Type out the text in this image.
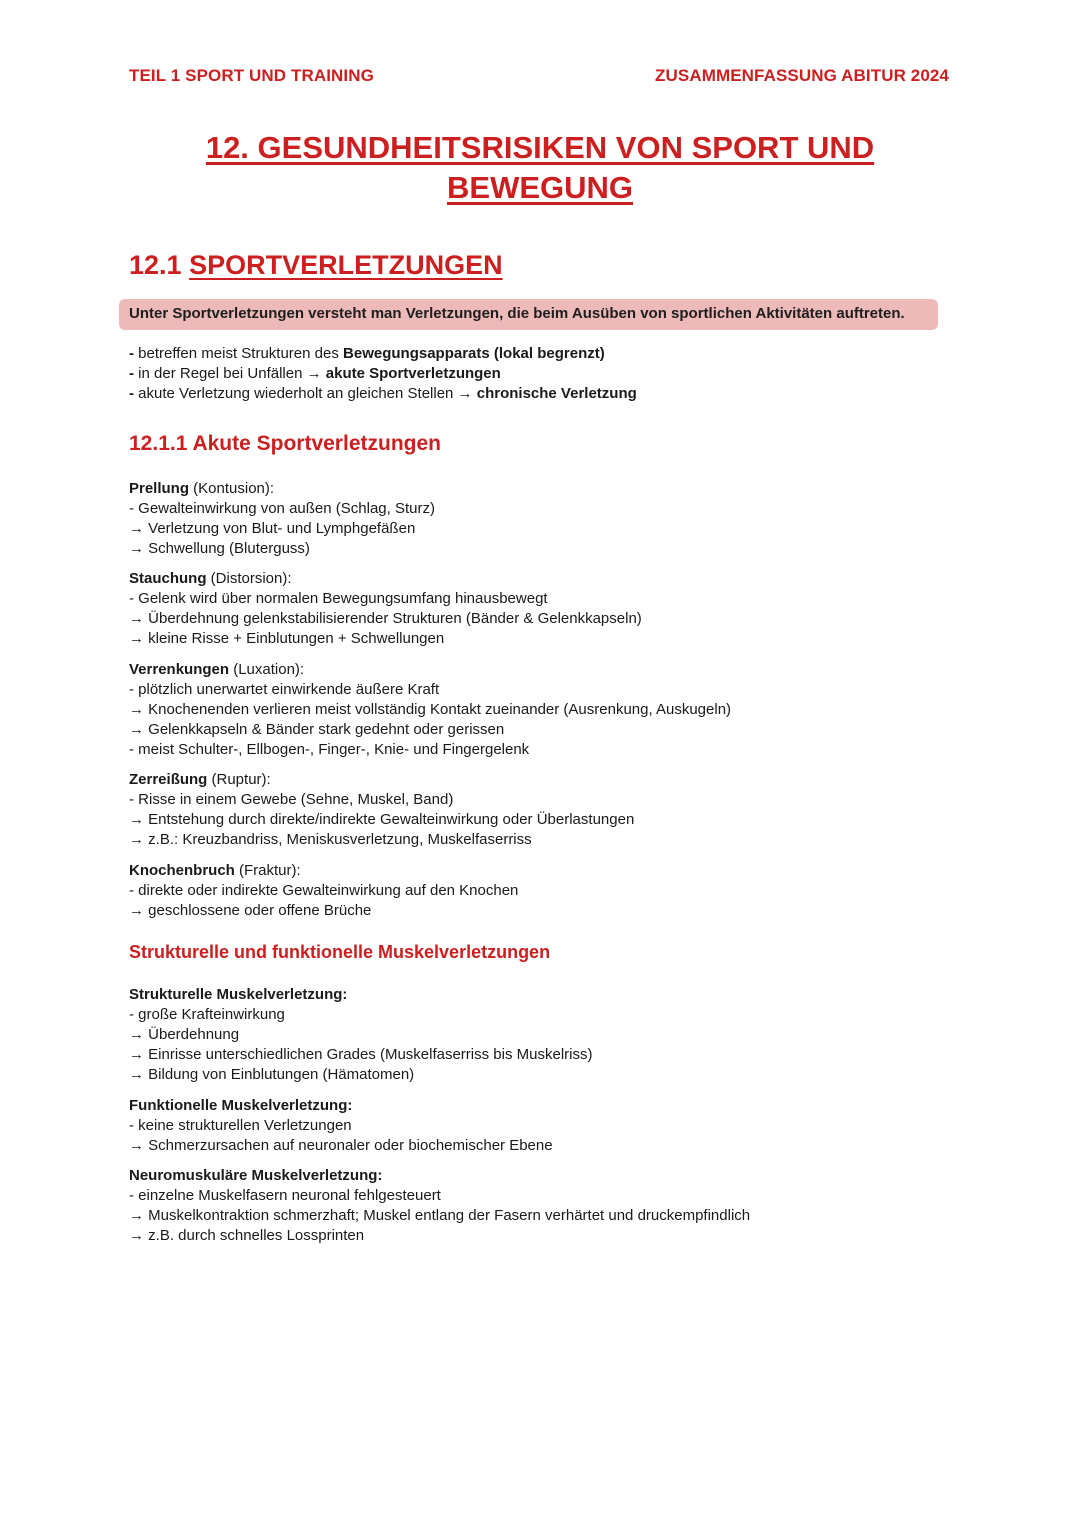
TEIL 1 SPORT UND TRAINING	ZUSAMMENFASSUNG ABITUR 2024
12. GESUNDHEITSRISIKEN VON SPORT UND
BEWEGUNG
12.1 SPORTVERLETZUNGEN
Unter Sportverletzungen versteht man Verletzungen, die beim Ausüben von sportlichen Aktivitäten auftreten.
- betreffen meist Strukturen des Bewegungsapparats (lokal begrenzt)
- in der Regel bei Unfällen → akute Sportverletzungen
- akute Verletzung wiederholt an gleichen Stellen → chronische Verletzung
12.1.1 Akute Sportverletzungen
Prellung (Kontusion):
- Gewalteinwirkung von außen (Schlag, Sturz)
→ Verletzung von Blut- und Lymphgefäßen
→ Schwellung (Bluterguss)
Stauchung (Distorsion):
- Gelenk wird über normalen Bewegungsumfang hinausbewegt
→ Überdehnung gelenkstabilisierender Strukturen (Bänder & Gelenkkapseln)
→ kleine Risse + Einblutungen + Schwellungen
Verrenkungen (Luxation):
- plötzlich unerwartet einwirkende äußere Kraft
→ Knochenenden verlieren meist vollständig Kontakt zueinander (Ausrenkung, Auskugeln)
→ Gelenkkapseln & Bänder stark gedehnt oder gerissen
- meist Schulter-, Ellbogen-, Finger-, Knie- und Fingergelenk
Zerreißung (Ruptur):
- Risse in einem Gewebe (Sehne, Muskel, Band)
→ Entstehung durch direkte/indirekte Gewalteinwirkung oder Überlastungen
→ z.B.: Kreuzbandriss, Meniskusverletzung, Muskelfaserriss
Knochenbruch (Fraktur):
- direkte oder indirekte Gewalteinwirkung auf den Knochen
→ geschlossene oder offene Brüche
Strukturelle und funktionelle Muskelverletzungen
Strukturelle Muskelverletzung:
- große Krafteinwirkung
→ Überdehnung
→ Einrisse unterschiedlichen Grades (Muskelfaserriss bis Muskelriss)
→ Bildung von Einblutungen (Hämatomen)
Funktionelle Muskelverletzung:
- keine strukturellen Verletzungen
→ Schmerzursachen auf neuronaler oder biochemischer Ebene
Neuromuskuläre Muskelverletzung:
- einzelne Muskelfasern neuronal fehlgesteuert
→ Muskelkontraktion schmerzhaft; Muskel entlang der Fasern verhärtet und druckempfindlich
→ z.B. durch schnelles Lossprinten
